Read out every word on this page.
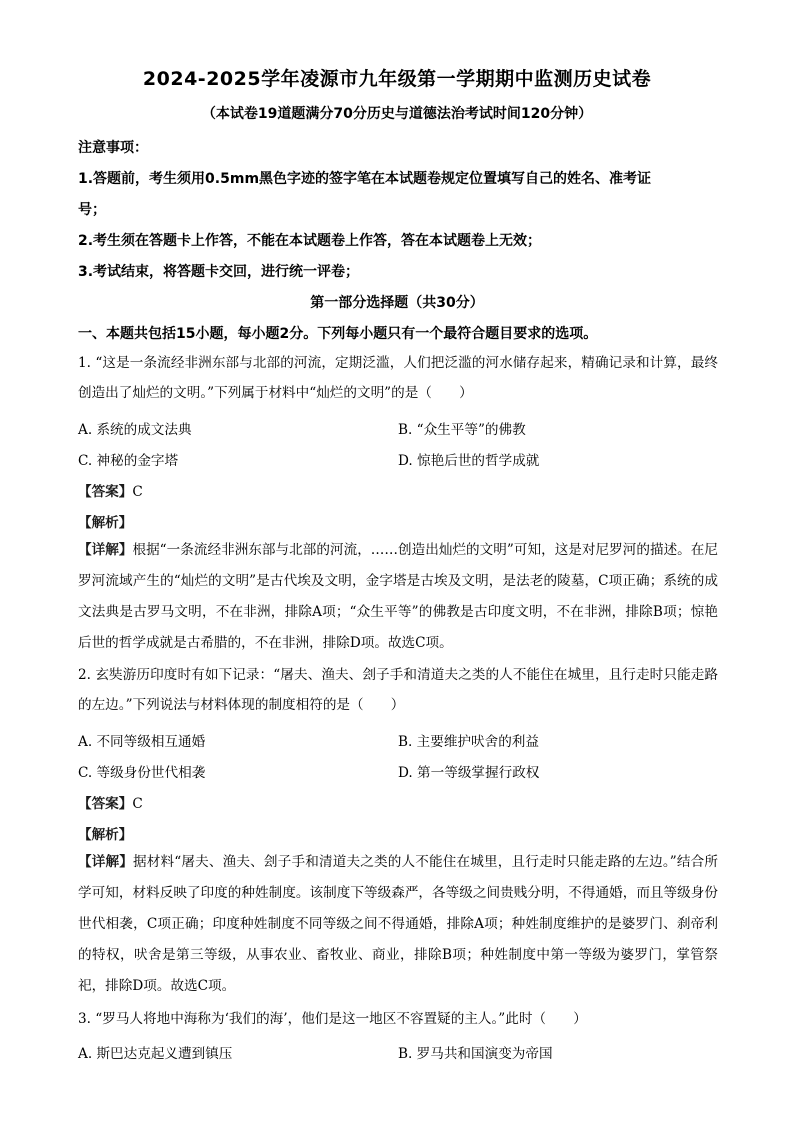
2024-2025学年凌源市九年级第一学期期中监测历史试卷
（本试卷19道题满分70分历史与道德法治考试时间120分钟）
注意事项：
1.答题前，考生须用0.5mm黑色字迹的签字笔在本试题卷规定位置填写自己的姓名、准考证
号；
2.考生须在答题卡上作答，不能在本试题卷上作答，答在本试题卷上无效；
3.考试结束，将答题卡交回，进行统一评卷；
第一部分选择题（共30分）
一、本题共包括15小题，每小题2分。下列每小题只有一个最符合题目要求的选项。
1. “这是一条流经非洲东部与北部的河流，定期泛滥，人们把泛滥的河水储存起来，精确记录和计算，最终创造出了灿烂的文明。”下列属于材料中“灿烂的文明”的是（　　）
A. 系统的成文法典	B. “众生平等”的佛教
C. 神秘的金字塔	D. 惊艳后世的哲学成就
【答案】C
【解析】
【详解】根据“一条流经非洲东部与北部的河流，……创造出灿烂的文明”可知，这是对尼罗河的描述。在尼罗河流域产生的“灿烂的文明”是古代埃及文明，金字塔是古埃及文明，是法老的陵墓，C项正确；系统的成文法典是古罗马文明，不在非洲，排除A项；“众生平等”的佛教是古印度文明，不在非洲，排除B项；惊艳后世的哲学成就是古希腊的，不在非洲，排除D项。故选C项。
2. 玄奘游历印度时有如下记录：“屠夫、渔夫、刽子手和清道夫之类的人不能住在城里，且行走时只能走路的左边。”下列说法与材料体现的制度相符的是（　　）
A. 不同等级相互通婚	B. 主要维护吠舍的利益
C. 等级身份世代相袭	D. 第一等级掌握行政权
【答案】C
【解析】
【详解】据材料“屠夫、渔夫、刽子手和清道夫之类的人不能住在城里，且行走时只能走路的左边。”结合所学可知，材料反映了印度的种姓制度。该制度下等级森严，各等级之间贵贱分明，不得通婚，而且等级身份世代相袭，C项正确；印度种姓制度不同等级之间不得通婚，排除A项；种姓制度维护的是婆罗门、刹帝利的特权，吠舍是第三等级，从事农业、畜牧业、商业，排除B项；种姓制度中第一等级为婆罗门，掌管祭祀，排除D项。故选C项。
3. “罗马人将地中海称为‘我们的海’，他们是这一地区不容置疑的主人。”此时（　　）
A. 斯巴达克起义遭到镇压	B. 罗马共和国演变为帝国
